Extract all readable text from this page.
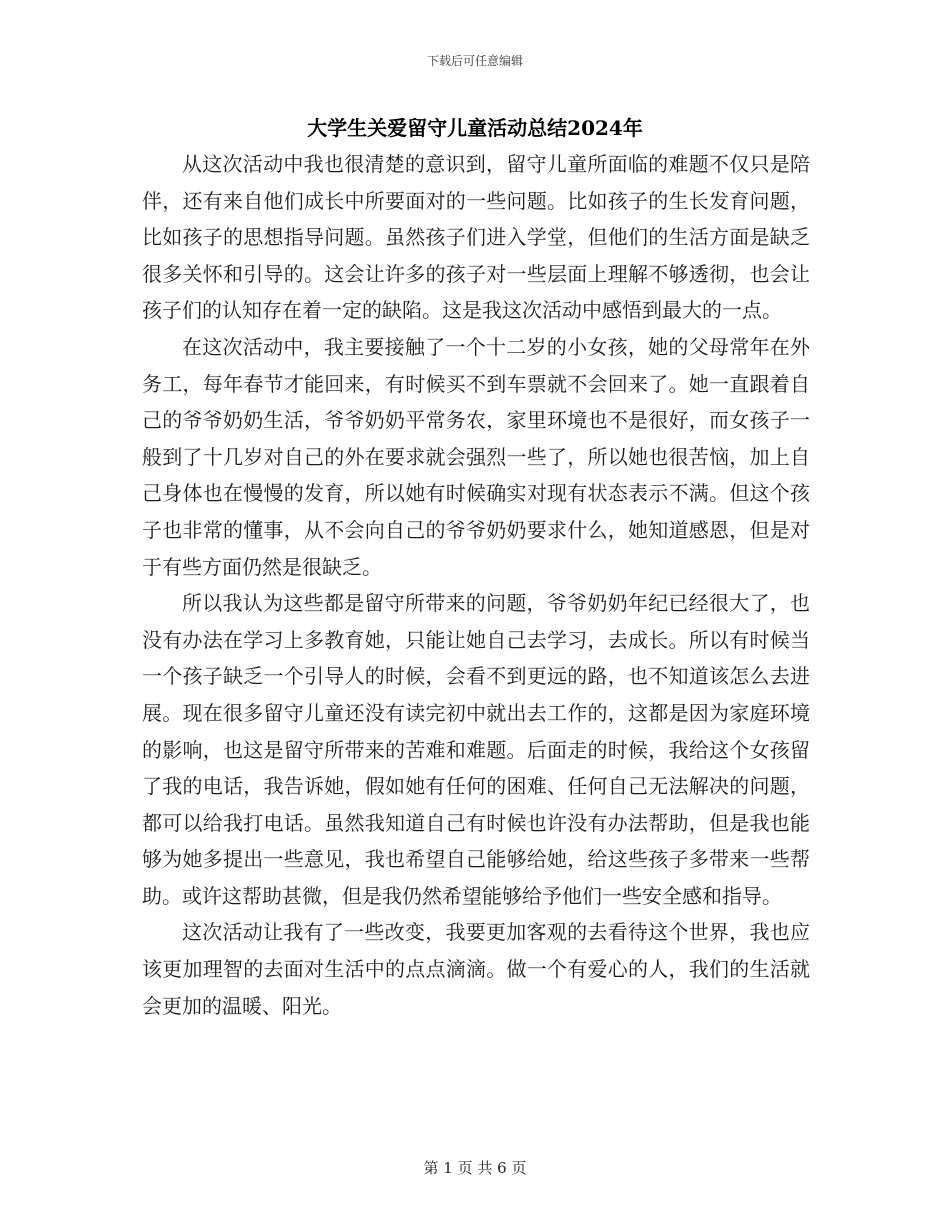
下载后可任意编辑
大学生关爱留守儿童活动总结2024年

从这次活动中我也很清楚的意识到，留守儿童所面临的难题不仅只是陪伴，还有来自他们成长中所要面对的一些问题。比如孩子的生长发育问题，比如孩子的思想指导问题。虽然孩子们进入学堂，但他们的生活方面是缺乏很多关怀和引导的。这会让许多的孩子对一些层面上理解不够透彻，也会让孩子们的认知存在着一定的缺陷。这是我这次活动中感悟到最大的一点。

在这次活动中，我主要接触了一个十二岁的小女孩，她的父母常年在外务工，每年春节才能回来，有时候买不到车票就不会回来了。她一直跟着自己的爷爷奶奶生活，爷爷奶奶平常务农，家里环境也不是很好，而女孩子一般到了十几岁对自己的外在要求就会强烈一些了，所以她也很苦恼，加上自己身体也在慢慢的发育，所以她有时候确实对现有状态表示不满。但这个孩子也非常的懂事，从不会向自己的爷爷奶奶要求什么，她知道感恩，但是对于有些方面仍然是很缺乏。

所以我认为这些都是留守所带来的问题，爷爷奶奶年纪已经很大了，也没有办法在学习上多教育她，只能让她自己去学习，去成长。所以有时候当一个孩子缺乏一个引导人的时候，会看不到更远的路，也不知道该怎么去进展。现在很多留守儿童还没有读完初中就出去工作的，这都是因为家庭环境的影响，也这是留守所带来的苦难和难题。后面走的时候，我给这个女孩留了我的电话，我告诉她，假如她有任何的困难、任何自己无法解决的问题，都可以给我打电话。虽然我知道自己有时候也许没有办法帮助，但是我也能够为她多提出一些意见，我也希望自己能够给她，给这些孩子多带来一些帮助。或许这帮助甚微，但是我仍然希望能够给予他们一些安全感和指导。

这次活动让我有了一些改变，我要更加客观的去看待这个世界，我也应该更加理智的去面对生活中的点点滴滴。做一个有爱心的人，我们的生活就会更加的温暖、阳光。

第 1 页 共 6 页
